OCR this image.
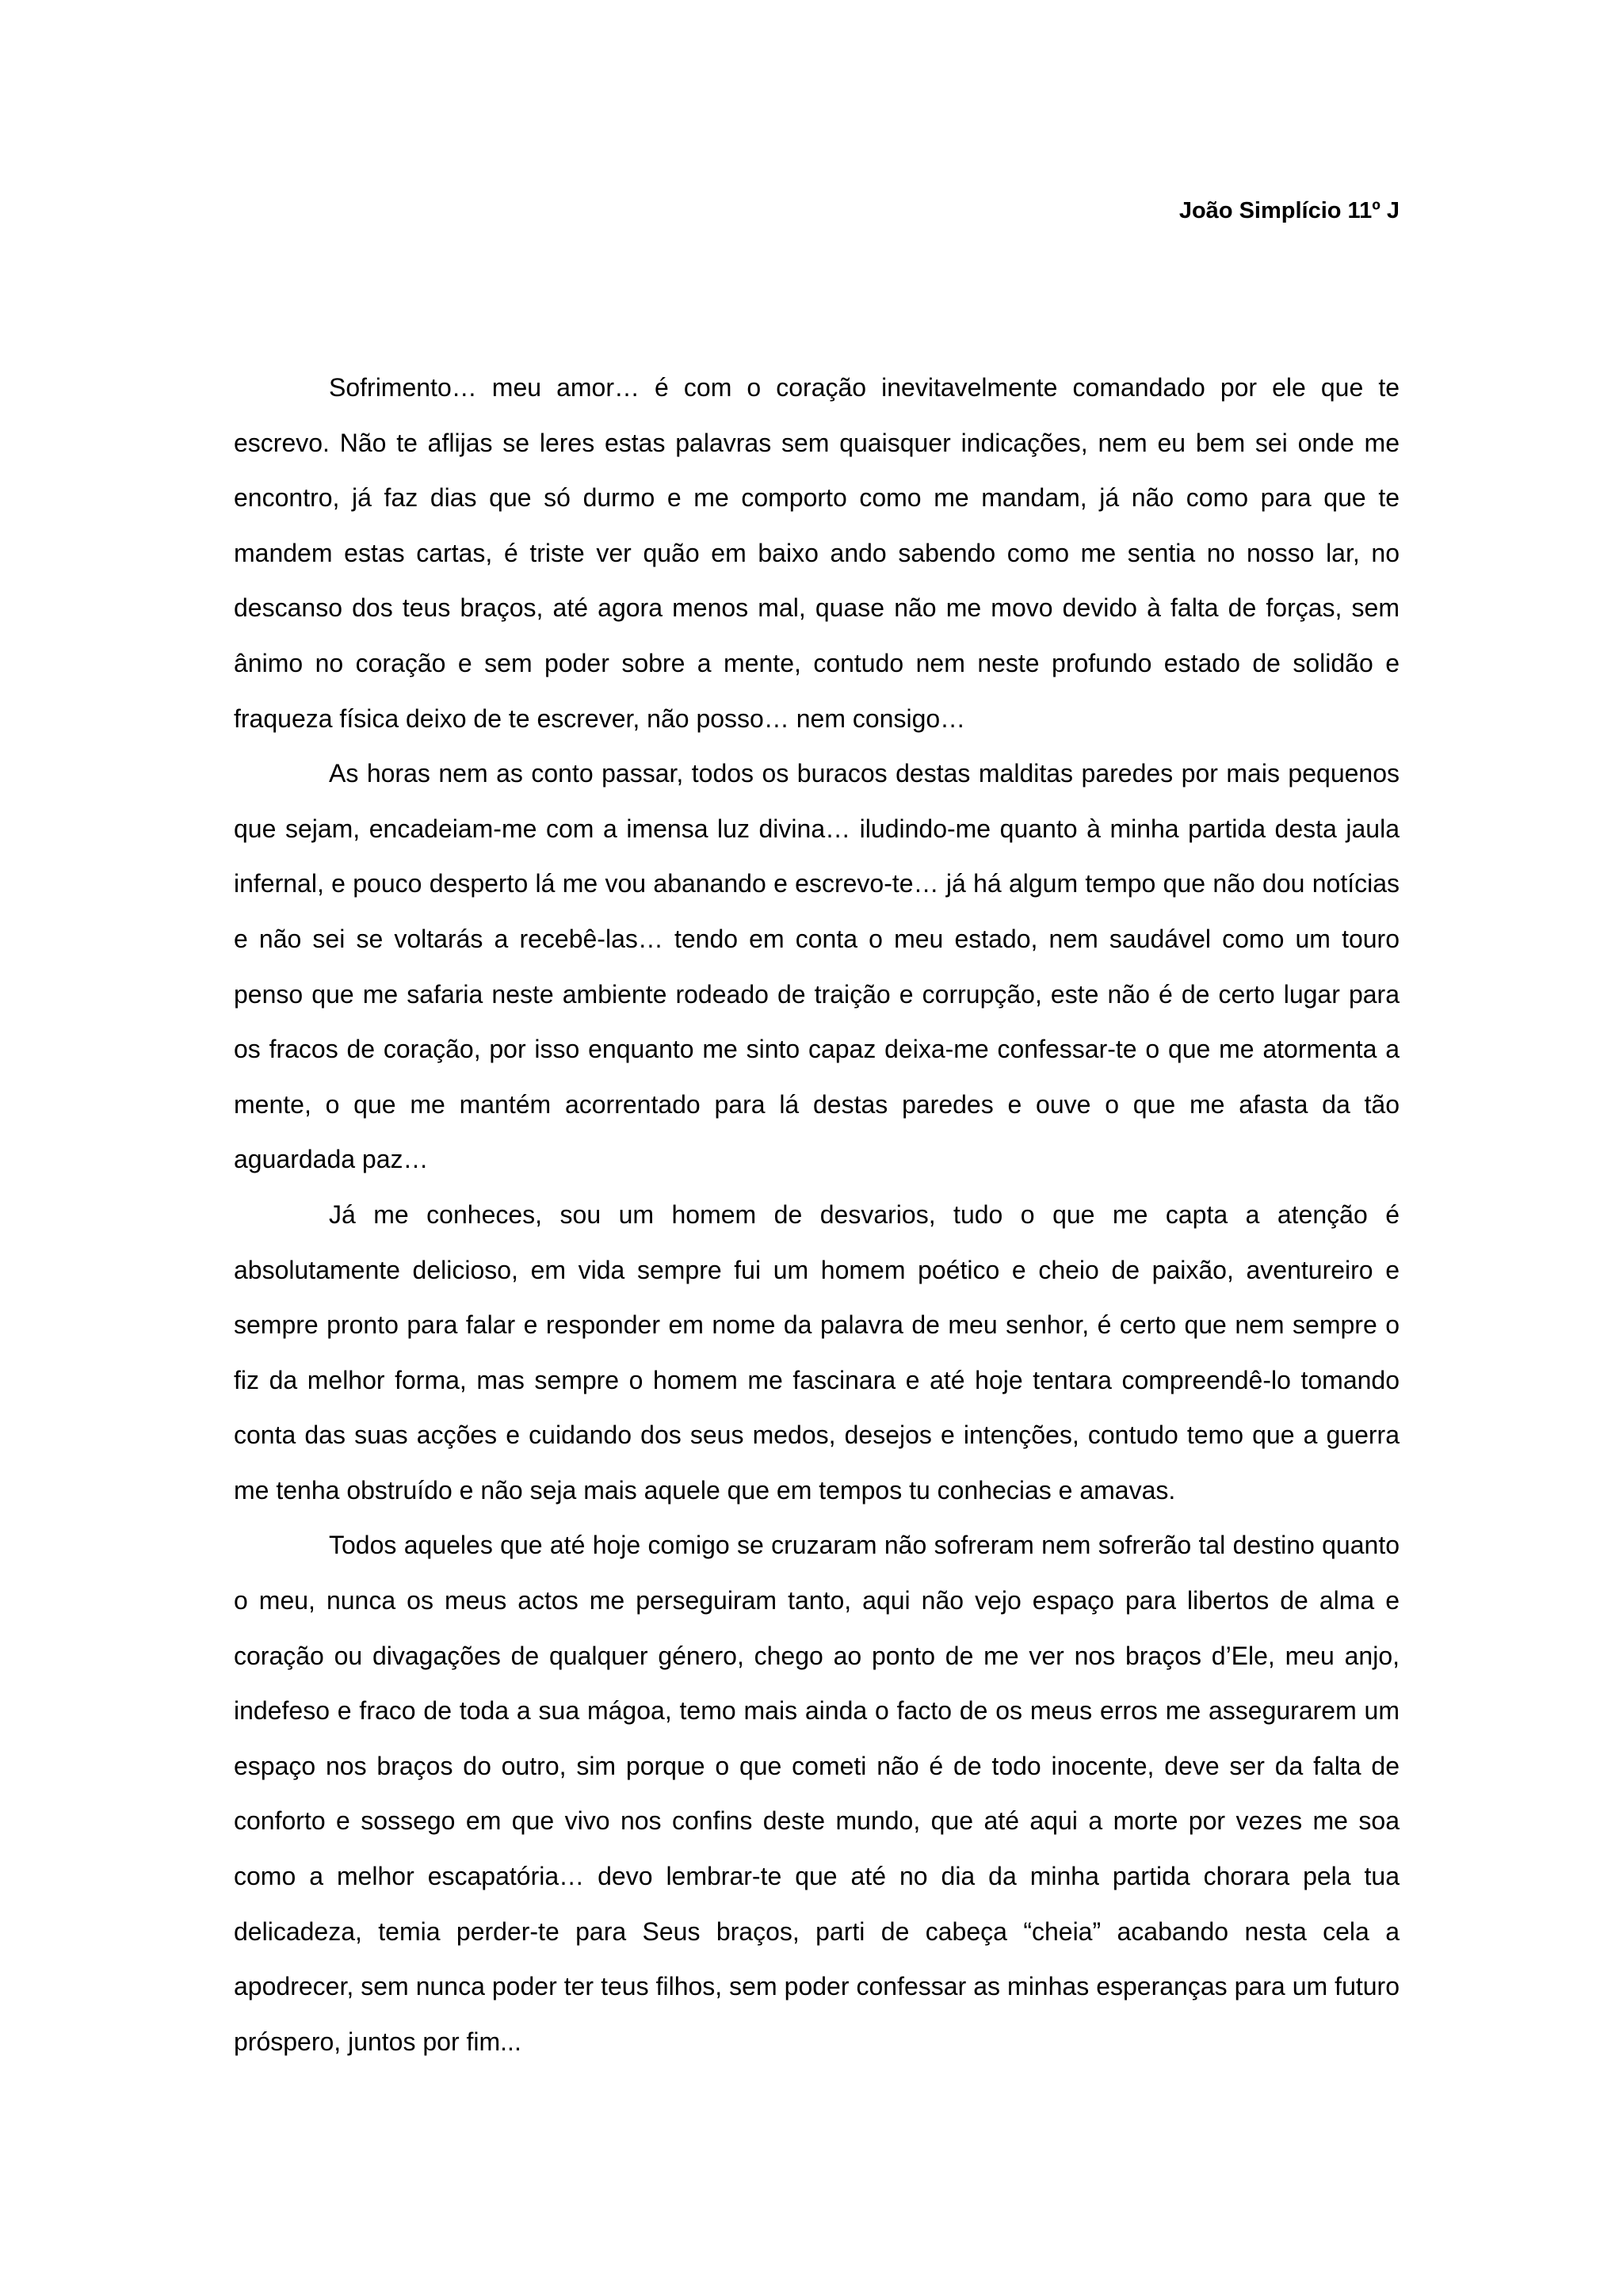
João Simplício 11º J

Sofrimento… meu amor… é com o coração inevitavelmente comandado por ele que te escrevo. Não te aflijas se leres estas palavras sem quaisquer indicações, nem eu bem sei onde me encontro, já faz dias que só durmo e me comporto como me mandam, já não como para que te mandem estas cartas, é triste ver quão em baixo ando sabendo como me sentia no nosso lar, no descanso dos teus braços, até agora menos mal, quase não me movo devido à falta de forças, sem ânimo no coração e sem poder sobre a mente, contudo nem neste profundo estado de solidão e fraqueza física deixo de te escrever, não posso… nem consigo…

As horas nem as conto passar, todos os buracos destas malditas paredes por mais pequenos que sejam, encadeiam-me com a imensa luz divina… iludindo-me quanto à minha partida desta jaula infernal, e pouco desperto lá me vou abanando e escrevo-te… já há algum tempo que não dou notícias e não sei se voltarás a recebê-las… tendo em conta o meu estado, nem saudável como um touro penso que me safaria neste ambiente rodeado de traição e corrupção, este não é de certo lugar para os fracos de coração, por isso enquanto me sinto capaz deixa-me confessar-te o que me atormenta a mente, o que me mantém acorrentado para lá destas paredes e ouve o que me afasta da tão aguardada paz…

Já me conheces, sou um homem de desvarios, tudo o que me capta a atenção é absolutamente delicioso, em vida sempre fui um homem poético e cheio de paixão, aventureiro e sempre pronto para falar e responder em nome da palavra de meu senhor, é certo que nem sempre o fiz da melhor forma, mas sempre o homem me fascinara e até hoje tentara compreendê-lo tomando conta das suas acções e cuidando dos seus medos, desejos e intenções, contudo temo que a guerra me tenha obstruído e não seja mais aquele que em tempos tu conhecias e amavas.

Todos aqueles que até hoje comigo se cruzaram não sofreram nem sofrerão tal destino quanto o meu, nunca os meus actos me perseguiram tanto, aqui não vejo espaço para libertos de alma e coração ou divagações de qualquer género, chego ao ponto de me ver nos braços d’Ele, meu anjo, indefeso e fraco de toda a sua mágoa, temo mais ainda o facto de os meus erros me assegurarem um espaço nos braços do outro, sim porque o que cometi não é de todo inocente, deve ser da falta de conforto e sossego em que vivo nos confins deste mundo, que até aqui a morte por vezes me soa como a melhor escapatória… devo lembrar-te que até no dia da minha partida chorara pela tua delicadeza, temia perder-te para Seus braços, parti de cabeça “cheia” acabando nesta cela a apodrecer, sem nunca poder ter teus filhos, sem poder confessar as minhas esperanças para um futuro próspero, juntos por fim...
